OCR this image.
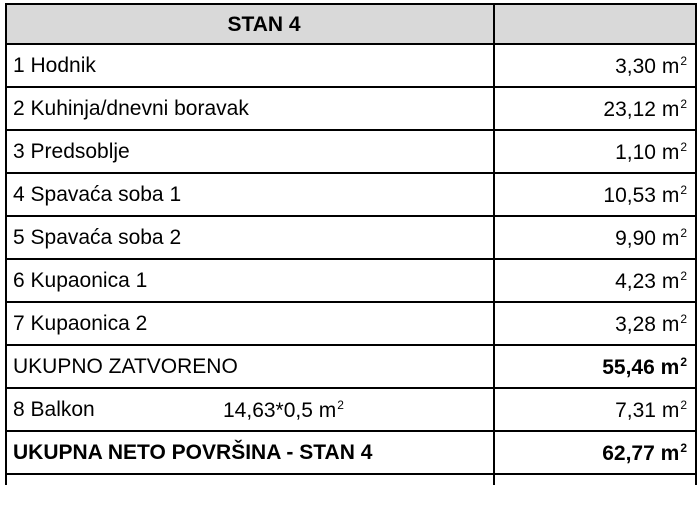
STAN 4	
1 Hodnik	3,30 $m^2$
2 Kuhinja/dnevni boravak	23,12 $m^2$
3 Predsoblje	1,10 $m^2$
4 Spavaća soba 1	10,53 $m^2$
5 Spavaća soba 2	9,90 $m^2$
6 Kupaonica 1	4,23 $m^2$
7 Kupaonica 2	3,28 $m^2$
UKUPNO ZATVORENO	55,46 $m^2$
8 Balkon 14,63*0,5 $m^2$	7,31 $m^2$
UKUPNA NETO POVRŠINA - STAN 4	62,77 $m^2$
